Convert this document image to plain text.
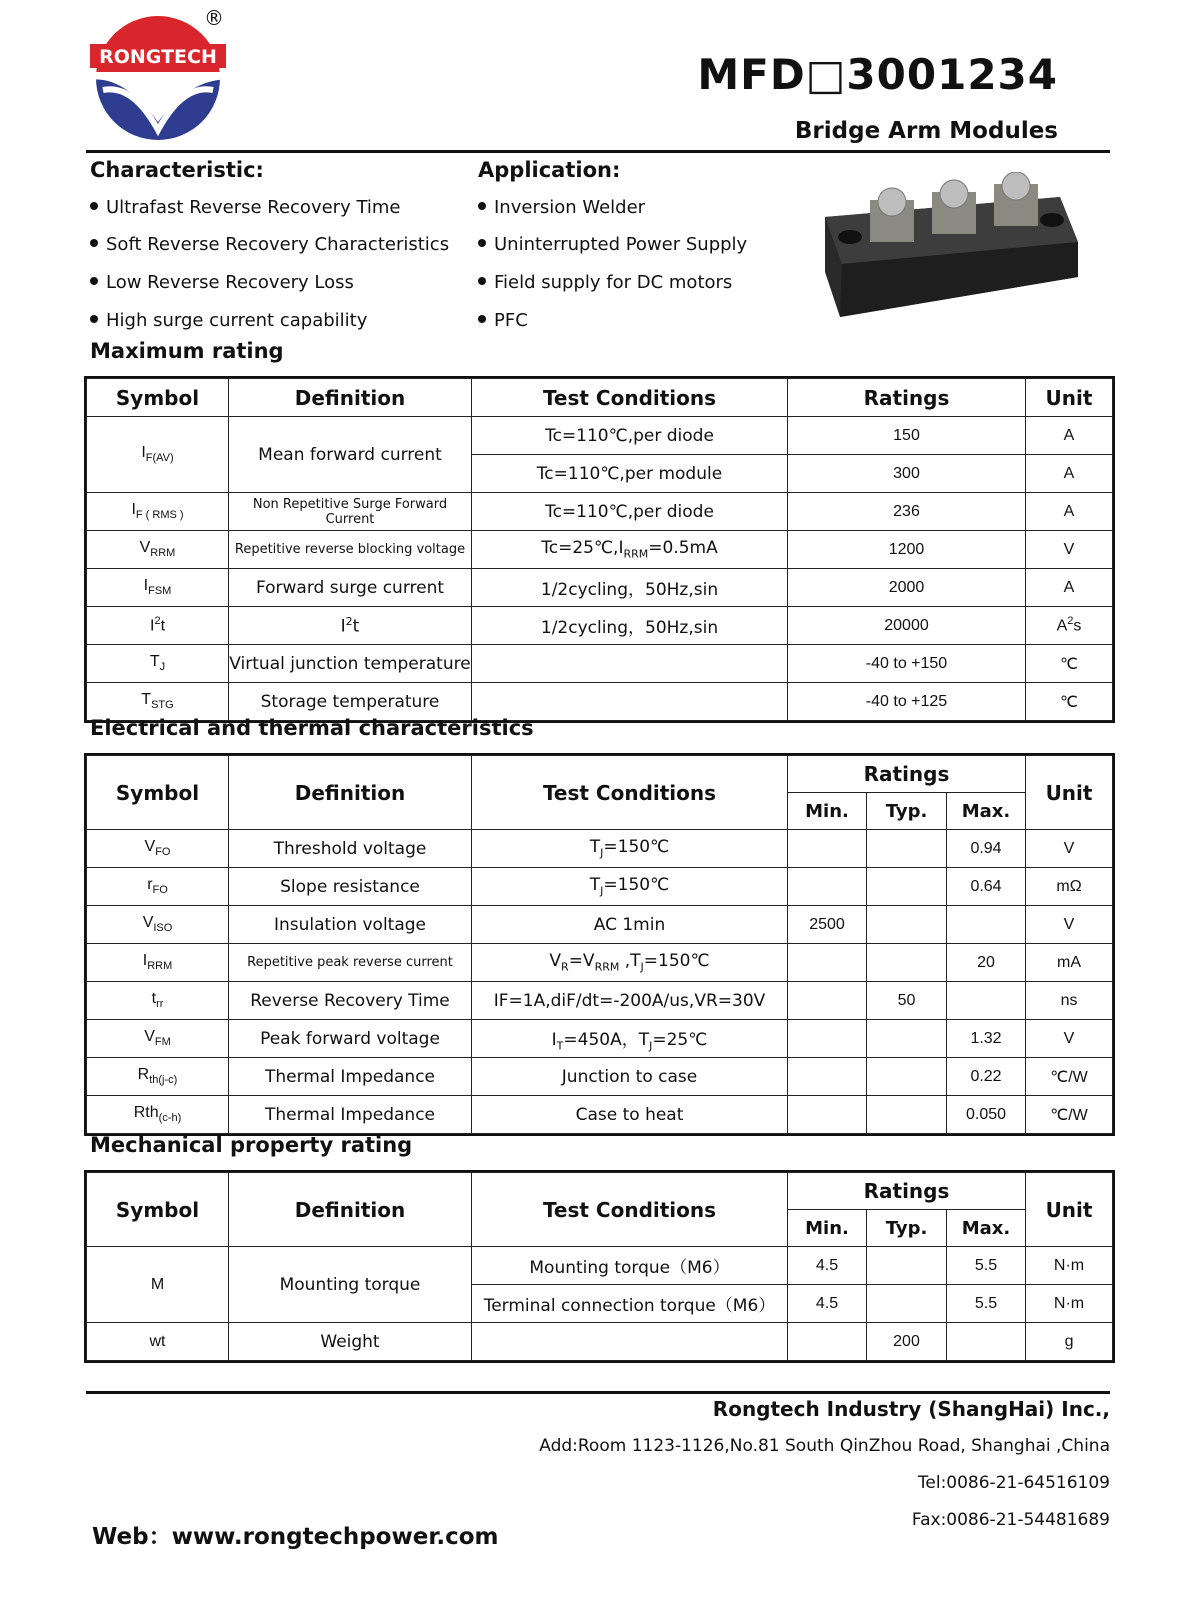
RONGTECH
®
MFD□3001234
Bridge Arm Modules
Characteristic:
Ultrafast Reverse Recovery Time
Soft Reverse Recovery Characteristics
Low Reverse Recovery Loss
High surge current capability
Application:
Inversion Welder
Uninterrupted Power Supply
Field supply for DC motors
PFC
Maximum rating
Symbol	Definition	Test Conditions	Ratings	Unit
$I_{F(AV)}$	Mean forward current	Tc=110℃,per diode	150	A
		Tc=110℃,per module	300	A
$I_{F ( RMS )}$	Non Repetitive Surge Forward Current	Tc=110℃,per diode	236	A
$V_{RRM}$	Repetitive reverse blocking voltage	$Tc=25℃,I_{RRM}=0.5mA$	1200	V
$I_{FSM}$	Forward surge current	1/2cycling，50Hz,sin	2000	A
$I^2t$	$I^2t$	1/2cycling，50Hz,sin	20000	$A^2s$
$T_J$	Virtual junction temperature		-40 to +150	℃
$T_{STG}$	Storage temperature		-40 to +125	℃
Electrical and thermal characteristics
Symbol	Definition	Test Conditions	Ratings			Unit
			Min.	Typ.	Max.	
$V_{FO}$	Threshold voltage	$T_J=150℃$			0.94	V
$r_{FO}$	Slope resistance	$T_J=150℃$			0.64	mΩ
$V_{ISO}$	Insulation voltage	AC 1min	2500			V
$I_{RRM}$	Repetitive peak reverse current	$V_R=V_{RRM}$ $,T_J=150℃$			20	mA
$t_{rr}$	Reverse Recovery Time	IF=1A,diF/dt=-200A/us,VR=30V		50		ns
$V_{FM}$	Peak forward voltage	$I_T=450A$，$T_J=25℃$			1.32	V
$R_{th(j-c)}$	Thermal Impedance	Junction to case			0.22	℃/W
Rth$_{(c-h)}$	Thermal Impedance	Case to heat			0.050	℃/W
Mechanical property rating
Symbol	Definition	Test Conditions	Ratings			Unit
			Min.	Typ.	Max.	
M	Mounting torque	Mounting torque（M6）	4.5		5.5	N·m
		Terminal connection torque（M6）	4.5		5.5	N·m
wt	Weight			200		g
Rongtech Industry (ShangHai) Inc.,
Add:Room 1123-1126,No.81 South QinZhou Road, Shanghai ,China
Tel:0086-21-64516109
Fax:0086-21-54481689
Web：www.rongtechpower.com
